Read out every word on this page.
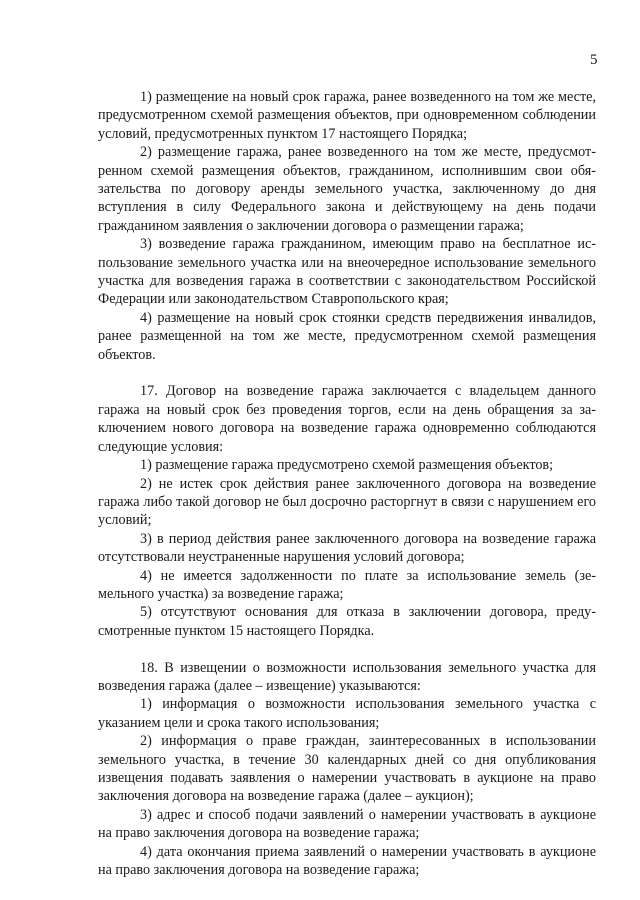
5

1) размещение на новый срок гаража, ранее возведенного на том же месте, предусмотренном схемой размещения объектов, при одновременном соблюдении условий, предусмотренных пунктом 17 настоящего Порядка;

2) размещение гаража, ранее возведенного на том же месте, предусмотренном схемой размещения объектов, гражданином, исполнившим свои обязательства по договору аренды земельного участка, заключенному до дня вступления в силу Федерального закона и действующему на день подачи гражданином заявления о заключении договора о размещении гаража;

3) возведение гаража гражданином, имеющим право на бесплатное использование земельного участка или на внеочередное использование земельного участка для возведения гаража в соответствии с законодательством Российской Федерации или законодательством Ставропольского края;

4) размещение на новый срок стоянки средств передвижения инвалидов, ранее размещенной на том же месте, предусмотренном схемой размещения объектов.

17. Договор на возведение гаража заключается с владельцем данного гаража на новый срок без проведения торгов, если на день обращения за заключением нового договора на возведение гаража одновременно соблюдаются следующие условия:

1) размещение гаража предусмотрено схемой размещения объектов;

2) не истек срок действия ранее заключенного договора на возведение гаража либо такой договор не был досрочно расторгнут в связи с нарушением его условий;

3) в период действия ранее заключенного договора на возведение гаража отсутствовали неустраненные нарушения условий договора;

4) не имеется задолженности по плате за использование земель (земельного участка) за возведение гаража;

5) отсутствуют основания для отказа в заключении договора, предусмотренные пунктом 15 настоящего Порядка.

18. В извещении о возможности использования земельного участка для возведения гаража (далее – извещение) указываются:

1) информация о возможности использования земельного участка с указанием цели и срока такого использования;

2) информация о праве граждан, заинтересованных в использовании земельного участка, в течение 30 календарных дней со дня опубликования извещения подавать заявления о намерении участвовать в аукционе на право заключения договора на возведение гаража (далее – аукцион);

3) адрес и способ подачи заявлений о намерении участвовать в аукционе на право заключения договора на возведение гаража;

4) дата окончания приема заявлений о намерении участвовать в аукционе на право заключения договора на возведение гаража;
